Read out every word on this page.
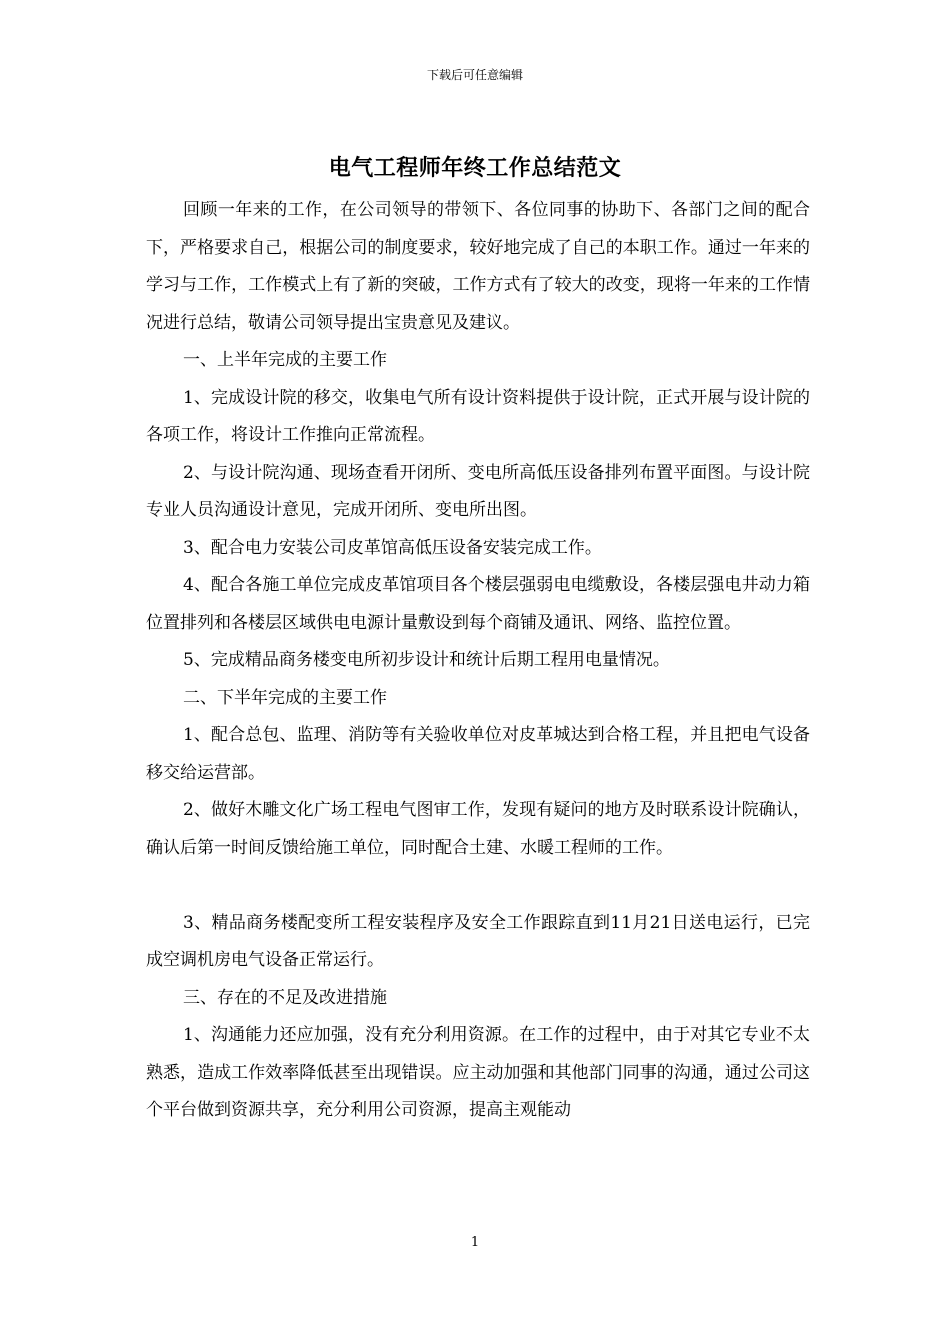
下载后可任意编辑
电气工程师年终工作总结范文

回顾一年来的工作，在公司领导的带领下、各位同事的协助下、各部门之间的配合下，严格要求自己，根据公司的制度要求，较好地完成了自己的本职工作。通过一年来的学习与工作，工作模式上有了新的突破，工作方式有了较大的改变，现将一年来的工作情况进行总结，敬请公司领导提出宝贵意见及建议。

一、上半年完成的主要工作

1、完成设计院的移交，收集电气所有设计资料提供于设计院，正式开展与设计院的各项工作，将设计工作推向正常流程。

2、与设计院沟通、现场查看开闭所、变电所高低压设备排列布置平面图。与设计院专业人员沟通设计意见，完成开闭所、变电所出图。

3、配合电力安装公司皮革馆高低压设备安装完成工作。

4、配合各施工单位完成皮革馆项目各个楼层强弱电电缆敷设，各楼层强电井动力箱位置排列和各楼层区域供电电源计量敷设到每个商铺及通讯、网络、监控位置。

5、完成精品商务楼变电所初步设计和统计后期工程用电量情况。

二、下半年完成的主要工作

1、配合总包、监理、消防等有关验收单位对皮革城达到合格工程，并且把电气设备移交给运营部。

2、做好木雕文化广场工程电气图审工作，发现有疑问的地方及时联系设计院确认，确认后第一时间反馈给施工单位，同时配合土建、水暖工程师的工作。

3、精品商务楼配变所工程安装程序及安全工作跟踪直到11月21日送电运行，已完成空调机房电气设备正常运行。

三、存在的不足及改进措施

1、沟通能力还应加强，没有充分利用资源。在工作的过程中，由于对其它专业不太熟悉，造成工作效率降低甚至出现错误。应主动加强和其他部门同事的沟通，通过公司这个平台做到资源共享，充分利用公司资源，提高主观能动

1
